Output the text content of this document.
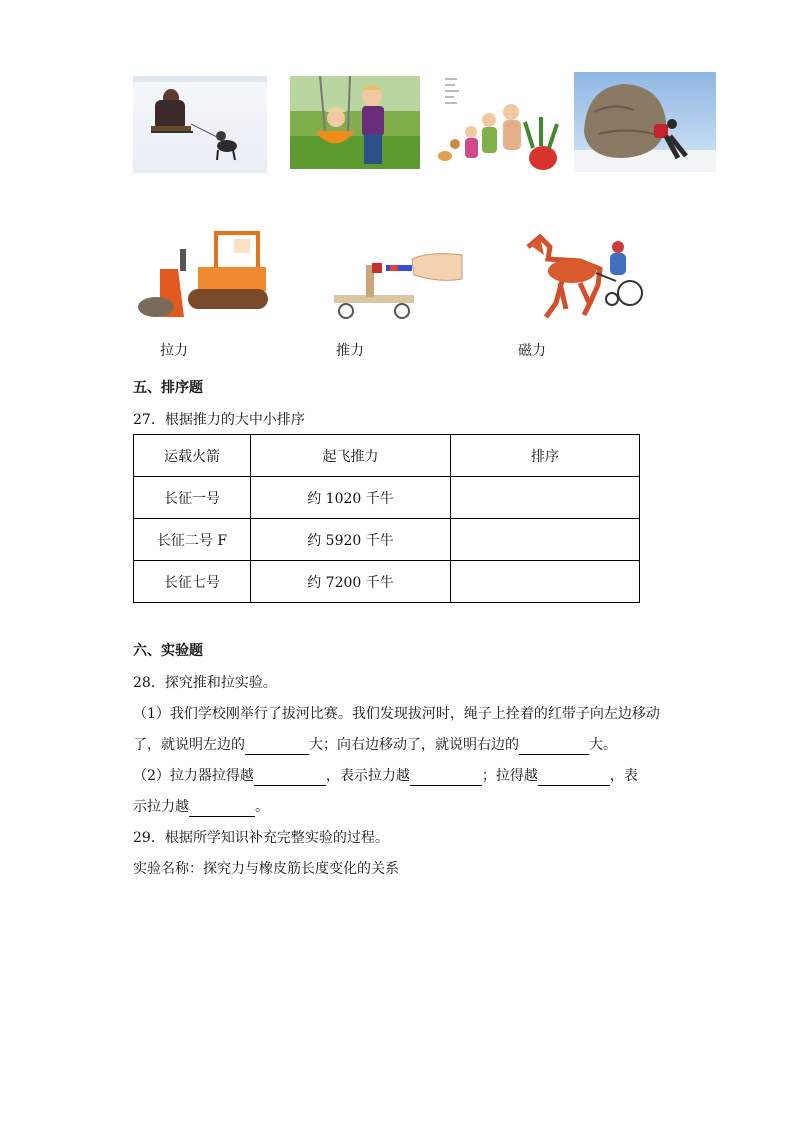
拉力	推力	磁力
五、排序题
27．根据推力的大中小排序
运载火箭	起飞推力	排序
长征一号	约 1020 千牛	
长征二号 F	约 5920 千牛	
长征七号	约 7200 千牛	
六、实验题
28．探究推和拉实验。
（1）我们学校刚举行了拔河比赛。我们发现拔河时，绳子上拴着的红带子向左边移动
了，就说明左边的	大；向右边移动了，就说明右边的	大。
（2）拉力器拉得越	，表示拉力越	；拉得越	，表
示拉力越	。
29．根据所学知识补充完整实验的过程。
实验名称：探究力与橡皮筋长度变化的关系
